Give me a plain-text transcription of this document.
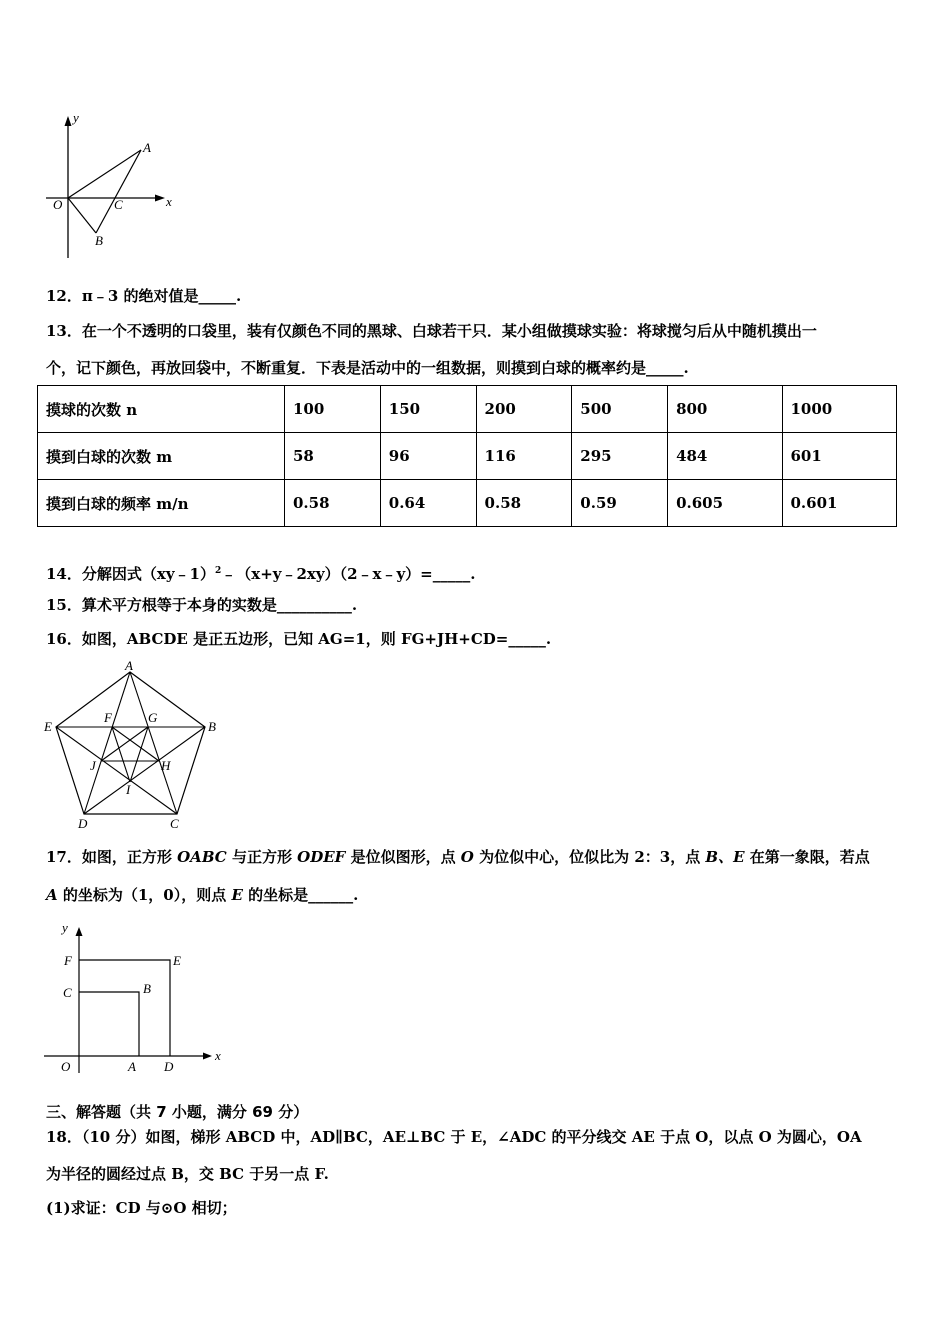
y
x
O
A
B
C
12．π﹣3 的绝对值是_____.
13．在一个不透明的口袋里，装有仅颜色不同的黑球、白球若干只．某小组做摸球实验：将球搅匀后从中随机摸出一
个，记下颜色，再放回袋中，不断重复．下表是活动中的一组数据，则摸到白球的概率约是_____.
摸球的次数 n	100	150	200	500	800	1000
摸到白球的次数 m	58	96	116	295	484	601
摸到白球的频率 m/n	0.58	0.64	0.58	0.59	0.605	0.601
14．分解因式（xy﹣1）$^2$﹣（x+y﹣2xy）（2﹣x﹣y）=_____.
15．算术平方根等于本身的实数是__________.
16．如图，ABCDE 是正五边形，已知 AG=1，则 FG+JH+CD=_____.
A
B
C
D
E
F	G
H
I
J
17．如图，正方形 OABC 与正方形 ODEF 是位似图形，点 O 为位似中心，位似比为 2：3，点 B、E 在第一象限，若点
A 的坐标为（1，0），则点 E 的坐标是______.
y
x
F	E
C	B
O	A D
三、解答题（共 7 小题，满分 69 分）
18．（10 分）如图，梯形 ABCD 中，AD∥BC，AE⊥BC 于 E，∠ADC 的平分线交 AE 于点 O，以点 O 为圆心，OA
为半径的圆经过点 B，交 BC 于另一点 F.
(1)求证：CD 与⊙O 相切；
